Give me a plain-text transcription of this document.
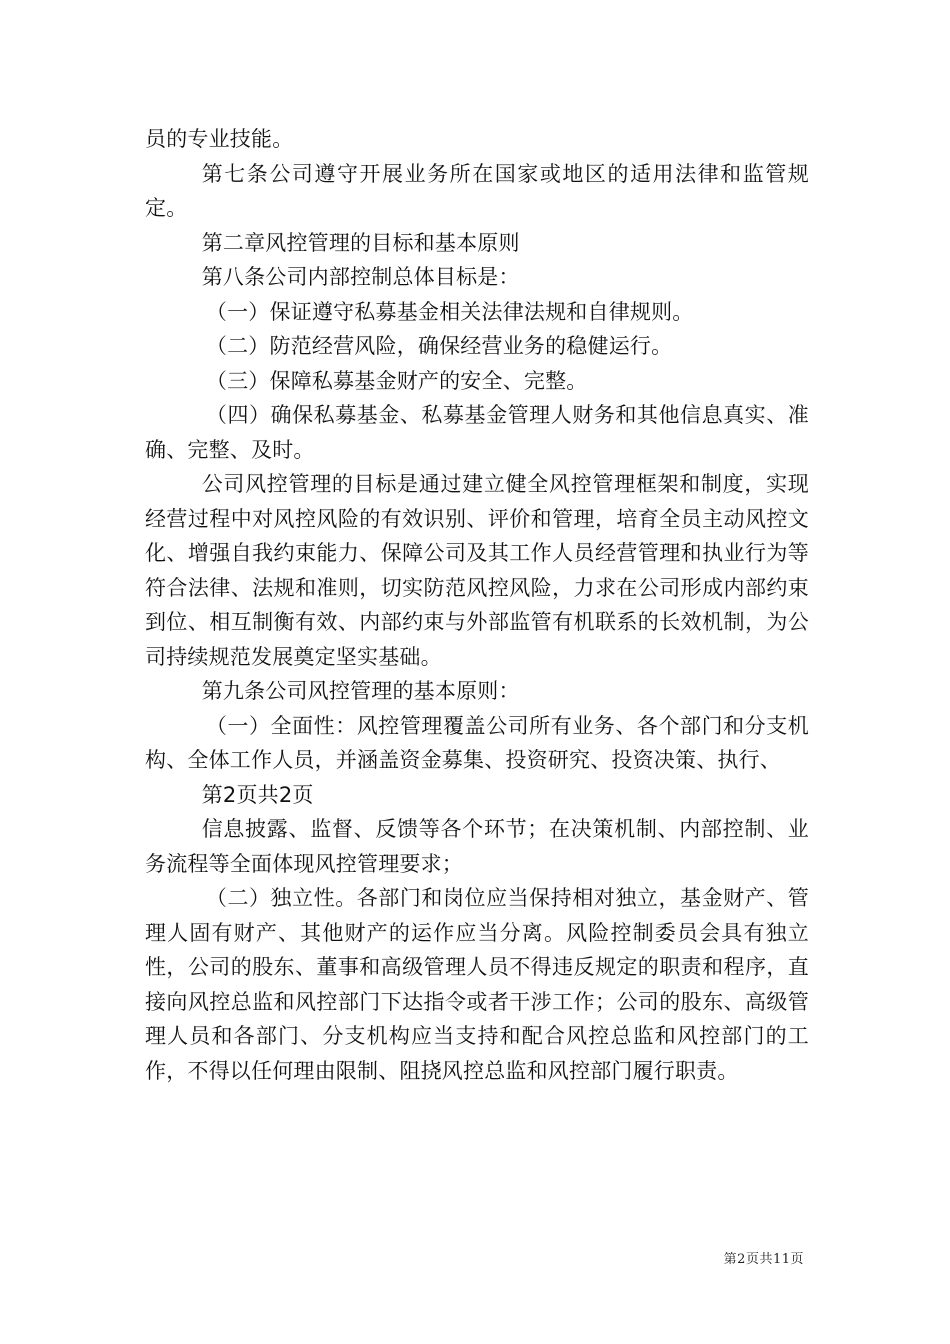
员的专业技能。

第七条公司遵守开展业务所在国家或地区的适用法律和监管规定。

第二章风控管理的目标和基本原则

第八条公司内部控制总体目标是：

（一）保证遵守私募基金相关法律法规和自律规则。

（二）防范经营风险，确保经营业务的稳健运行。

（三）保障私募基金财产的安全、完整。

（四）确保私募基金、私募基金管理人财务和其他信息真实、准确、完整、及时。

公司风控管理的目标是通过建立健全风控管理框架和制度，实现经营过程中对风控风险的有效识别、评价和管理，培育全员主动风控文化、增强自我约束能力、保障公司及其工作人员经营管理和执业行为等符合法律、法规和准则，切实防范风控风险，力求在公司形成内部约束到位、相互制衡有效、内部约束与外部监管有机联系的长效机制，为公司持续规范发展奠定坚实基础。

第九条公司风控管理的基本原则：

（一）全面性：风控管理覆盖公司所有业务、各个部门和分支机构、全体工作人员，并涵盖资金募集、投资研究、投资决策、执行、

第2页共2页

信息披露、监督、反馈等各个环节；在决策机制、内部控制、业务流程等全面体现风控管理要求；

（二）独立性。各部门和岗位应当保持相对独立，基金财产、管理人固有财产、其他财产的运作应当分离。风险控制委员会具有独立性，公司的股东、董事和高级管理人员不得违反规定的职责和程序，直接向风控总监和风控部门下达指令或者干涉工作；公司的股东、高级管理人员和各部门、分支机构应当支持和配合风控总监和风控部门的工作，不得以任何理由限制、阻挠风控总监和风控部门履行职责。

第2页共11页
